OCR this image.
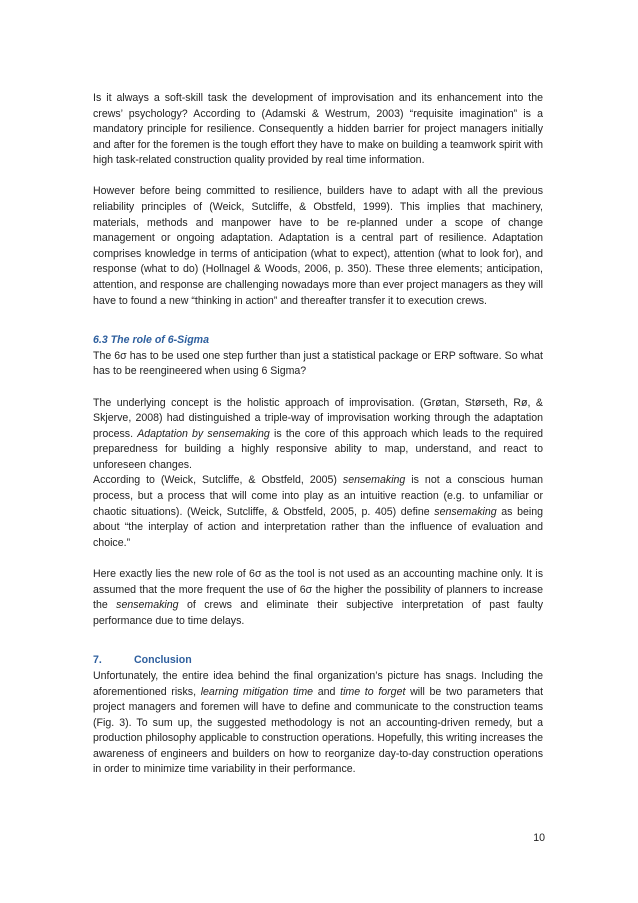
Is it always a soft-skill task the development of improvisation and its enhancement into the crews’ psychology? According to (Adamski & Westrum, 2003) “requisite imagination” is a mandatory principle for resilience. Consequently a hidden barrier for project managers initially and after for the foremen is the tough effort they have to make on building a teamwork spirit with high task-related construction quality provided by real time information.

However before being committed to resilience, builders have to adapt with all the previous reliability principles of (Weick, Sutcliffe, & Obstfeld, 1999). This implies that machinery, materials, methods and manpower have to be re-planned under a scope of change management or ongoing adaptation. Adaptation is a central part of resilience. Adaptation comprises knowledge in terms of anticipation (what to expect), attention (what to look for), and response (what to do) (Hollnagel & Woods, 2006, p. 350). These three elements; anticipation, attention, and response are challenging nowadays more than ever project managers as they will have to found a new “thinking in action” and thereafter transfer it to execution crews.

6.3 The role of 6-Sigma

The 6σ has to be used one step further than just a statistical package or ERP software. So what has to be reengineered when using 6 Sigma?

The underlying concept is the holistic approach of improvisation. (Grøtan, Størseth, Rø, & Skjerve, 2008) had distinguished a triple-way of improvisation working through the adaptation process. Adaptation by sensemaking is the core of this approach which leads to the required preparedness for building a highly responsive ability to map, understand, and react to unforeseen changes.

According to (Weick, Sutcliffe, & Obstfeld, 2005) sensemaking is not a conscious human process, but a process that will come into play as an intuitive reaction (e.g. to unfamiliar or chaotic situations). (Weick, Sutcliffe, & Obstfeld, 2005, p. 405) define sensemaking as being about “the interplay of action and interpretation rather than the influence of evaluation and choice.”

Here exactly lies the new role of 6σ as the tool is not used as an accounting machine only. It is assumed that the more frequent the use of 6σ the higher the possibility of planners to increase the sensemaking of crews and eliminate their subjective interpretation of past faulty performance due to time delays.

7.	Conclusion

Unfortunately, the entire idea behind the final organization’s picture has snags. Including the aforementioned risks, learning mitigation time and time to forget will be two parameters that project managers and foremen will have to define and communicate to the construction teams (Fig. 3). To sum up, the suggested methodology is not an accounting-driven remedy, but a production philosophy applicable to construction operations. Hopefully, this writing increases the awareness of engineers and builders on how to reorganize day-to-day construction operations in order to minimize time variability in their performance.

10
